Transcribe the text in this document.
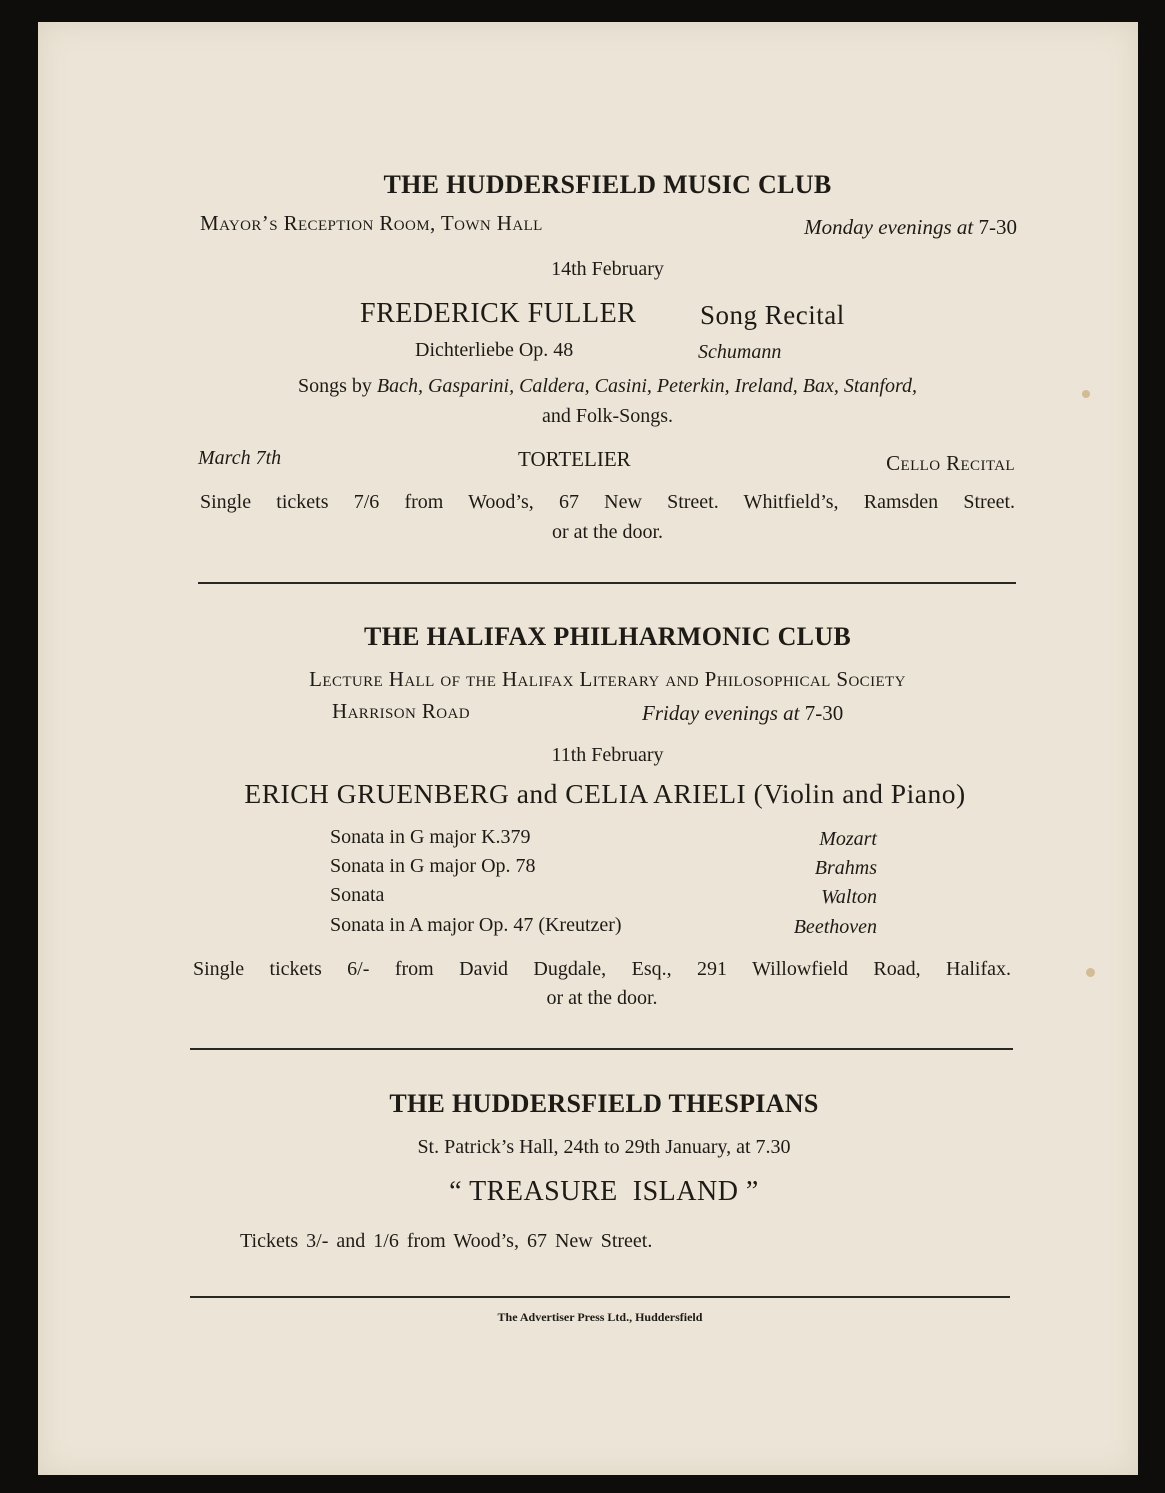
THE HUDDERSFIELD MUSIC CLUB
Mayor’s Reception Room, Town Hall	Monday evenings at 7-30
14th February
FREDERICK FULLER Song Recital
Dichterliebe Op. 48	Schumann
Songs by Bach, Gasparini, Caldera, Casini, Peterkin, Ireland, Bax, Stanford,
and Folk-Songs.
March 7th	TORTELIER	Cello Recital
Single tickets 7/6 from Wood’s, 67 New Street. Whitfield’s, Ramsden Street.
or at the door.
THE HALIFAX PHILHARMONIC CLUB
Lecture Hall of the Halifax Literary and Philosophical Society
Harrison Road	Friday evenings at 7-30
11th February
ERICH GRUENBERG and CELIA ARIELI (Violin and Piano)
Sonata in G major K.379	Mozart
Sonata in G major Op. 78	Brahms
Sonata	Walton
Sonata in A major Op. 47 (Kreutzer)	Beethoven
Single tickets 6/- from David Dugdale, Esq., 291 Willowfield Road, Halifax.
or at the door.
THE HUDDERSFIELD THESPIANS
St. Patrick’s Hall, 24th to 29th January, at 7.30
“ TREASURE  ISLAND ”
Tickets 3/- and 1/6 from Wood’s, 67 New Street.
The Advertiser Press Ltd., Huddersfield
